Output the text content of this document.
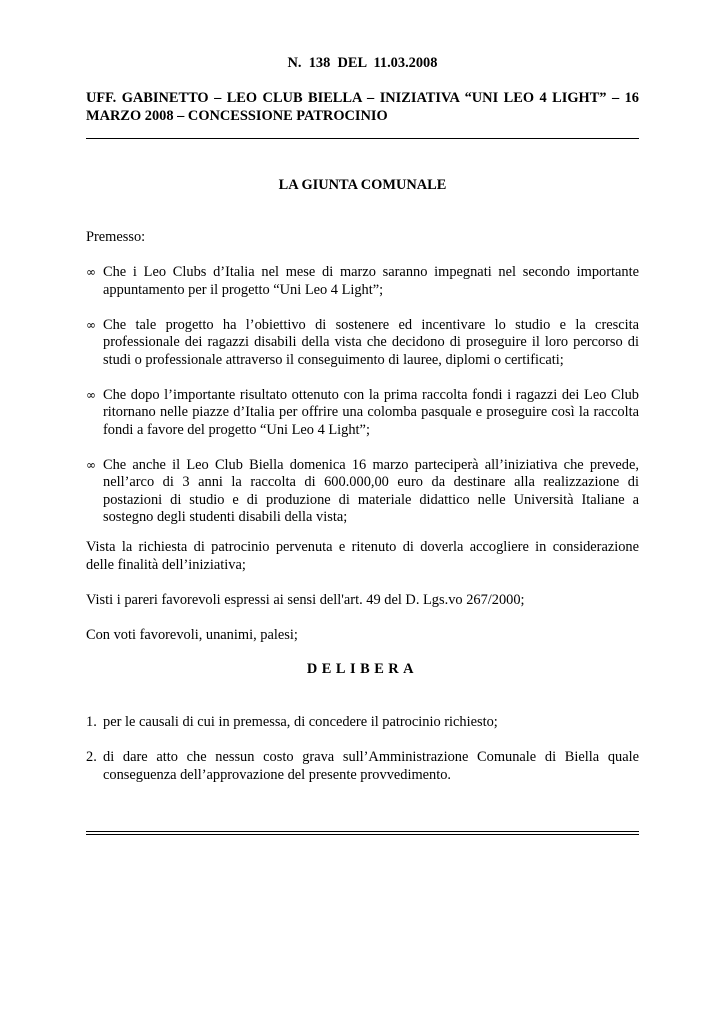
N.  138  DEL  11.03.2008
UFF. GABINETTO – LEO CLUB BIELLA – INIZIATIVA “UNI LEO 4 LIGHT” – 16
MARZO 2008 – CONCESSIONE PATROCINIO
LA GIUNTA COMUNALE
Premesso:
∞ Che i Leo Clubs d’Italia nel mese di marzo saranno impegnati nel secondo importante
appuntamento per il progetto “Uni Leo 4 Light”;
∞ Che tale progetto ha l’obiettivo di sostenere ed incentivare lo studio e la crescita
professionale dei ragazzi disabili della vista che decidono di proseguire il loro percorso di
studi o professionale attraverso il conseguimento di lauree, diplomi o certificati;
∞ Che dopo l’importante risultato ottenuto con la prima raccolta fondi i ragazzi dei Leo Club
ritornano nelle piazze d’Italia per offrire una colomba pasquale e proseguire così la raccolta
fondi a favore del progetto “Uni Leo 4 Light”;
∞ Che anche il Leo Club Biella domenica 16 marzo parteciperà all’iniziativa che prevede,
nell’arco di 3 anni la raccolta di 600.000,00 euro da destinare alla realizzazione di
postazioni di studio e di produzione di materiale didattico nelle Università Italiane a
sostegno degli studenti disabili della vista;
Vista la richiesta di patrocinio pervenuta e ritenuto di doverla accogliere in considerazione
delle finalità dell’iniziativa;
Visti i pareri favorevoli espressi ai sensi dell'art. 49 del D. Lgs.vo 267/2000;
Con voti favorevoli, unanimi, palesi;
DELIBERA
1. per le causali di cui in premessa, di concedere il patrocinio richiesto;
2. di dare atto che nessun costo grava sull’Amministrazione Comunale di Biella quale
conseguenza dell’approvazione del presente provvedimento.
